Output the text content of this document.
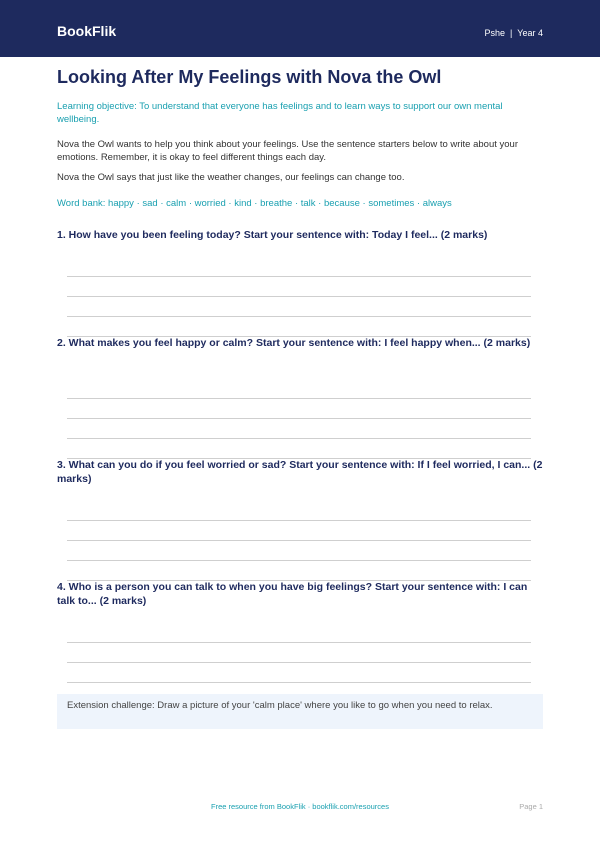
BookFlik	Pshe | Year 4
Looking After My Feelings with Nova the Owl
Learning objective: To understand that everyone has feelings and to learn ways to support our own mental wellbeing.
Nova the Owl wants to help you think about your feelings. Use the sentence starters below to write about your emotions. Remember, it is okay to feel different things each day.
Nova the Owl says that just like the weather changes, our feelings can change too.
Word bank: happy · sad · calm · worried · kind · breathe · talk · because · sometimes · always
1. How have you been feeling today? Start your sentence with: Today I feel... (2 marks)
2. What makes you feel happy or calm? Start your sentence with: I feel happy when... (2 marks)
3. What can you do if you feel worried or sad? Start your sentence with: If I feel worried, I can... (2 marks)
4. Who is a person you can talk to when you have big feelings? Start your sentence with: I can talk to... (2 marks)
Extension challenge: Draw a picture of your 'calm place' where you like to go when you need to relax.
Free resource from BookFlik · bookflik.com/resources	Page 1
